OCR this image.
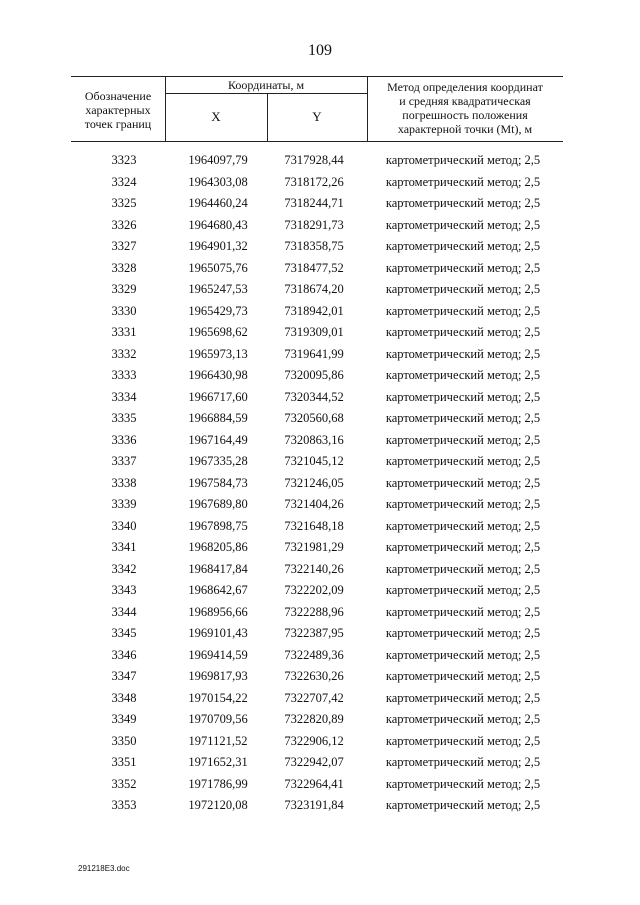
109
Обозначение
характерных
точек границ
Координаты, м
X	Y
Метод определения координат
и средняя квадратическая
погрешность положения
характерной точки (Mt), м
3323	1964097,79	7317928,44	картометрический метод; 2,5
3324	1964303,08	7318172,26	картометрический метод; 2,5
3325	1964460,24	7318244,71	картометрический метод; 2,5
3326	1964680,43	7318291,73	картометрический метод; 2,5
3327	1964901,32	7318358,75	картометрический метод; 2,5
3328	1965075,76	7318477,52	картометрический метод; 2,5
3329	1965247,53	7318674,20	картометрический метод; 2,5
3330	1965429,73	7318942,01	картометрический метод; 2,5
3331	1965698,62	7319309,01	картометрический метод; 2,5
3332	1965973,13	7319641,99	картометрический метод; 2,5
3333	1966430,98	7320095,86	картометрический метод; 2,5
3334	1966717,60	7320344,52	картометрический метод; 2,5
3335	1966884,59	7320560,68	картометрический метод; 2,5
3336	1967164,49	7320863,16	картометрический метод; 2,5
3337	1967335,28	7321045,12	картометрический метод; 2,5
3338	1967584,73	7321246,05	картометрический метод; 2,5
3339	1967689,80	7321404,26	картометрический метод; 2,5
3340	1967898,75	7321648,18	картометрический метод; 2,5
3341	1968205,86	7321981,29	картометрический метод; 2,5
3342	1968417,84	7322140,26	картометрический метод; 2,5
3343	1968642,67	7322202,09	картометрический метод; 2,5
3344	1968956,66	7322288,96	картометрический метод; 2,5
3345	1969101,43	7322387,95	картометрический метод; 2,5
3346	1969414,59	7322489,36	картометрический метод; 2,5
3347	1969817,93	7322630,26	картометрический метод; 2,5
3348	1970154,22	7322707,42	картометрический метод; 2,5
3349	1970709,56	7322820,89	картометрический метод; 2,5
3350	1971121,52	7322906,12	картометрический метод; 2,5
3351	1971652,31	7322942,07	картометрический метод; 2,5
3352	1971786,99	7322964,41	картометрический метод; 2,5
3353	1972120,08	7323191,84	картометрический метод; 2,5
291218E3.doc
